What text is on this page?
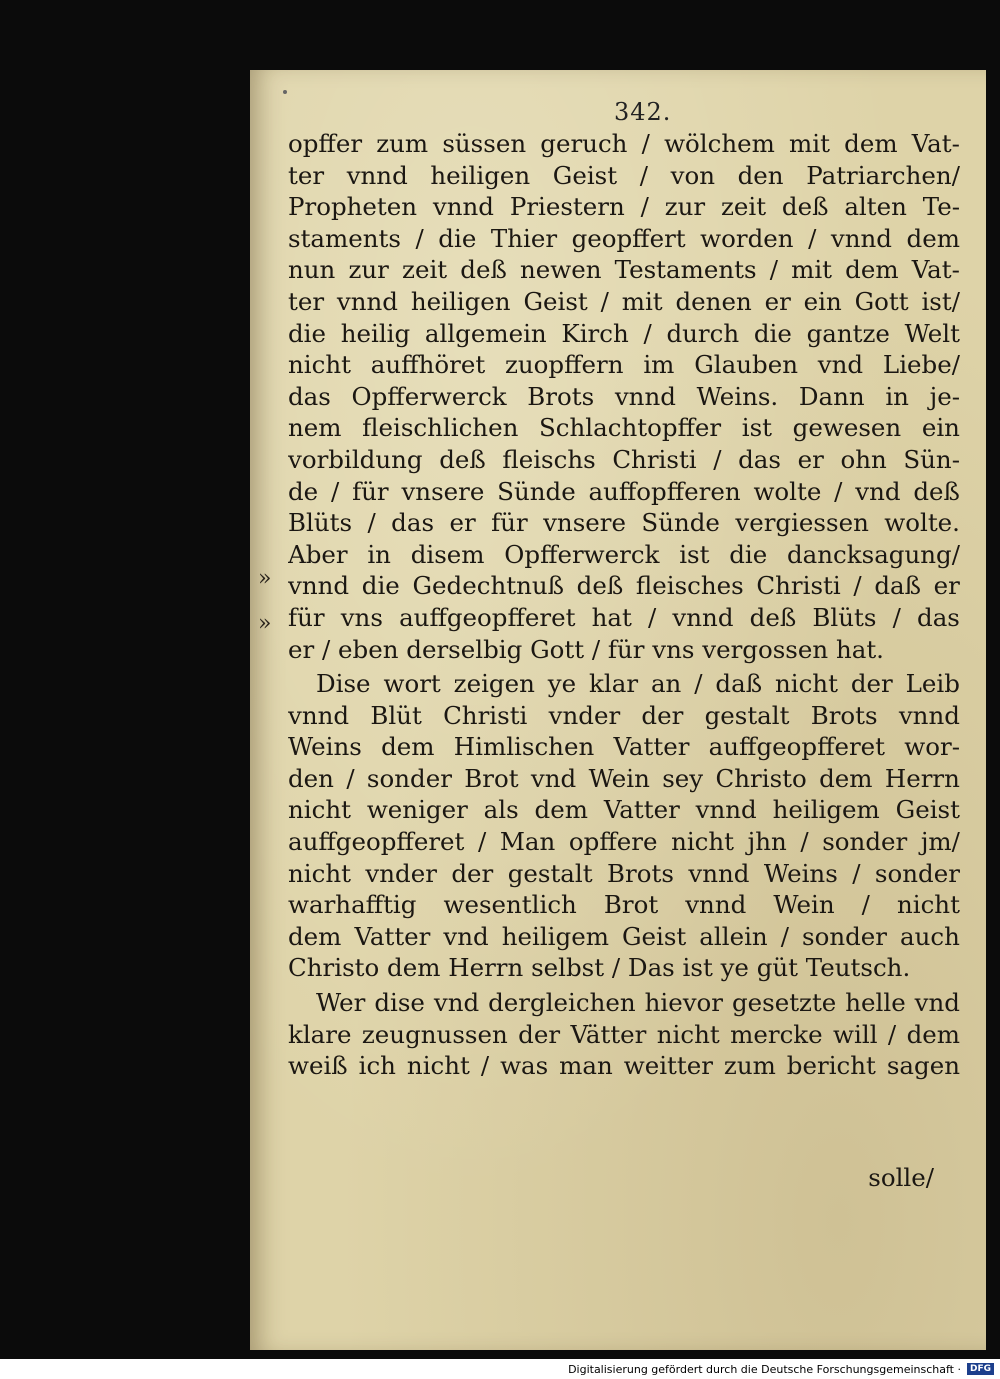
342.
»
»
opffer zum süssen geruch / wölchem mit dem Vat-
ter vnnd heiligen Geist / von den Patriarchen/
Propheten vnnd Priestern / zur zeit deß alten Te-
staments / die Thier geopffert worden / vnnd dem
nun zur zeit deß newen Testaments / mit dem Vat-
ter vnnd heiligen Geist / mit denen er ein Gott ist/
die heilig allgemein Kirch / durch die gantze Welt
nicht auffhöret zuopffern im Glauben vnd Liebe/
das Opfferwerck Brots vnnd Weins. Dann in je-
nem fleischlichen Schlachtopffer ist gewesen ein
vorbildung deß fleischs Christi / das er ohn Sün-
de / für vnsere Sünde auffopfferen wolte / vnd deß
Blüts / das er für vnsere Sünde vergiessen wolte.
Aber in disem Opfferwerck ist die dancksagung/
vnnd die Gedechtnuß deß fleisches Christi / daß er
für vns auffgeopfferet hat / vnnd deß Blüts / das
er / eben derselbig Gott / für vns vergossen hat.
Dise wort zeigen ye klar an / daß nicht der Leib
vnnd Blüt Christi vnder der gestalt Brots vnnd
Weins dem Himlischen Vatter auffgeopfferet wor-
den / sonder Brot vnd Wein sey Christo dem Herrn
nicht weniger als dem Vatter vnnd heiligem Geist
auffgeopfferet / Man opffere nicht jhn / sonder jm/
nicht vnder der gestalt Brots vnnd Weins / sonder
warhafftig wesentlich Brot vnnd Wein / nicht
dem Vatter vnd heiligem Geist allein / sonder auch
Christo dem Herrn selbst / Das ist ye güt Teutsch.
Wer dise vnd dergleichen hievor gesetzte helle vnd
klare zeugnussen der Vätter nicht mercke will / dem
weiß ich nicht / was man weitter zum bericht sagen
solle/
Digitalisierung gefördert durch die Deutsche Forschungsgemeinschaft ·	DFG
